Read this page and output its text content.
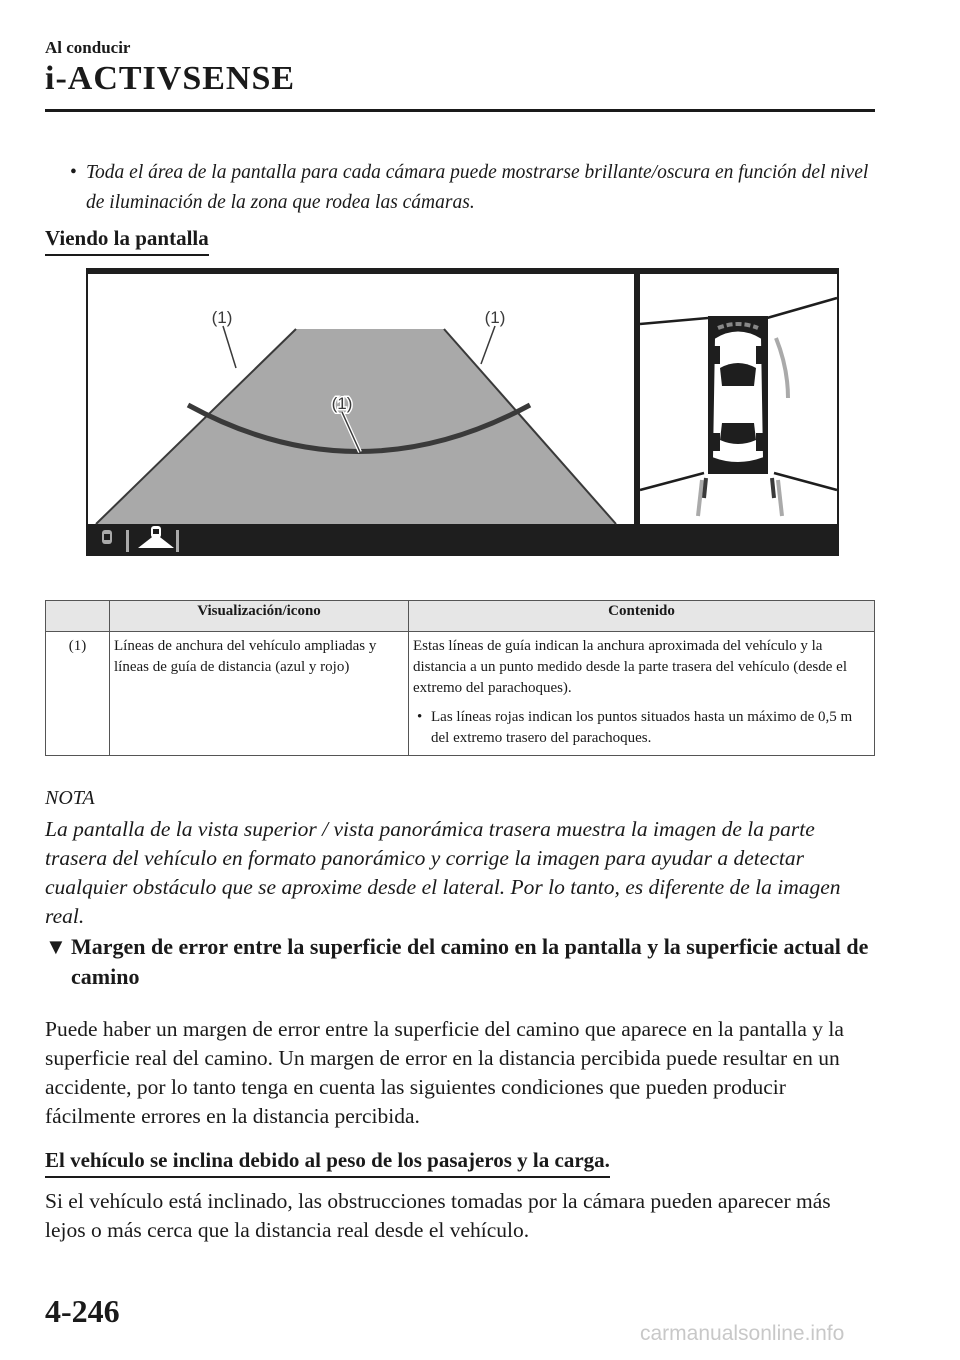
Al conducir
i-ACTIVSENSE
• Toda el área de la pantalla para cada cámara puede mostrarse brillante/oscura en función del nivel de iluminación de la zona que rodea las cámaras.
Viendo la pantalla
(1)	(1)
(1)
	Visualización/icono	Contenido
(1)	Líneas de anchura del vehículo ampliadas y líneas de guía de distancia (azul y rojo)	Estas líneas de guía indican la anchura aproximada del vehículo y la distancia a un punto medido desde la parte trasera del vehículo (desde el extremo del parachoques).
• Las líneas rojas indican los puntos situados hasta un máximo de 0,5 m del extremo trasero del parachoques.
NOTA
La pantalla de la vista superior / vista panorámica trasera muestra la imagen de la parte trasera del vehículo en formato panorámico y corrige la imagen para ayudar a detectar cualquier obstáculo que se aproxime desde el lateral. Por lo tanto, es diferente de la imagen real.
▼ Margen de error entre la superficie del camino en la pantalla y la superficie actual de camino
Puede haber un margen de error entre la superficie del camino que aparece en la pantalla y la superficie real del camino. Un margen de error en la distancia percibida puede resultar en un accidente, por lo tanto tenga en cuenta las siguientes condiciones que pueden producir fácilmente errores en la distancia percibida.
El vehículo se inclina debido al peso de los pasajeros y la carga.
Si el vehículo está inclinado, las obstrucciones tomadas por la cámara pueden aparecer más lejos o más cerca que la distancia real desde el vehículo.
4-246
carmanualsonline.info
